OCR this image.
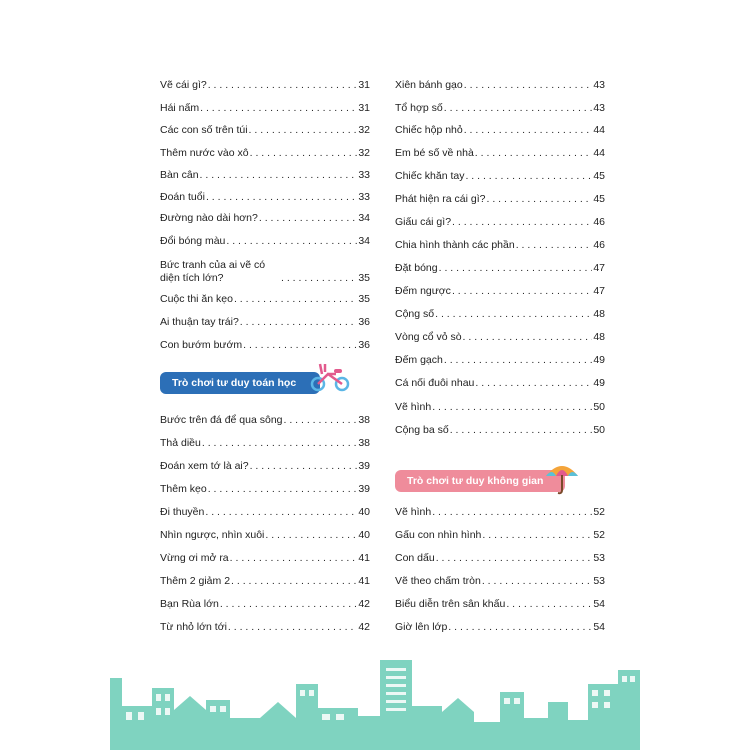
Vẽ cái gì? . . .	31
Hái nấm . . .	31
Các con số trên túi . . .	32
Thêm nước vào xô . . .	32
Bàn cân . . .	33
Đoán tuổi . . .	33
Đường nào dài hơn? . . .	34
Đổi bóng màu . . .	34
Bức tranh của ai vẽ có diện tích lớn? . . .	35
Cuộc thi ăn kẹo . . .	35
Ai thuận tay trái? . . .	36
Con bướm bướm . . .	36
Bước trên đá để qua sông . . .	38
Thả diều . . .	38
Đoán xem tớ là ai? . . .	39
Thêm kẹo . . .	39
Đi thuyền . . .	40
Nhìn ngược, nhìn xuôi . . .	40
Vừng ơi mở ra . . .	41
Thêm 2 giảm 2 . . .	41
Bạn Rùa lớn . . .	42
Từ nhỏ lớn tới . . .	42
Xiên bánh gạo . . .	43
Tổ hợp số . . .	43
Chiếc hộp nhỏ . . .	44
Em bé số về nhà . . .	44
Chiếc khăn tay . . .	45
Phát hiện ra cái gì? . . .	45
Giấu cái gì? . . .	46
Chia hình thành các phần . . .	46
Đặt bóng . . .	47
Đếm ngược . . .	47
Cộng số . . .	48
Vòng cổ vỏ sò . . .	48
Đếm gạch . . .	49
Cá nối đuôi nhau . . .	49
Vẽ hình . . .	50
Cộng ba số . . .	50
Vẽ hình . . .	52
Gấu con nhìn hình . . .	52
Con dấu . . .	53
Vẽ theo chấm tròn . . .	53
Biểu diễn trên sân khấu . . .	54
Giờ lên lớp . . .	54
Trò chơi tư duy toán học
Trò chơi tư duy không gian
